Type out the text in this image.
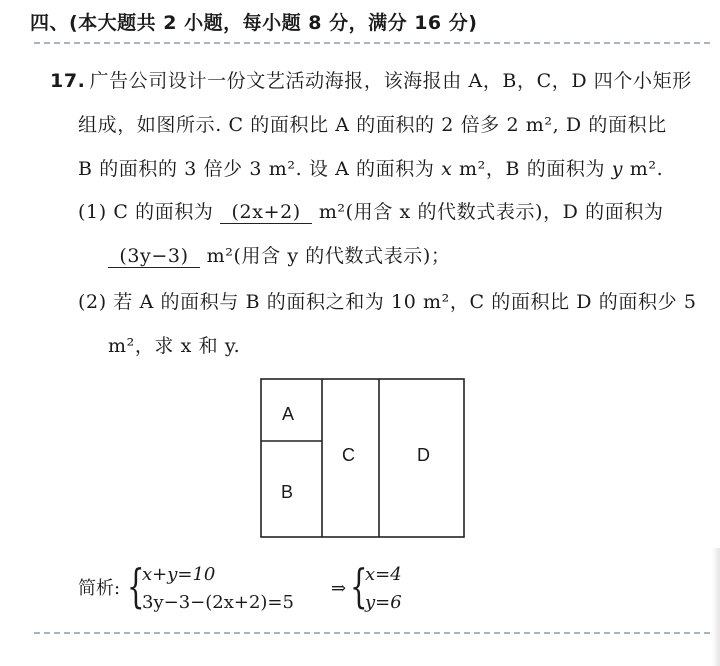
四、(本大题共 2 小题，每小题 8 分，满分 16 分)
17. 广告公司设计一份文艺活动海报，该海报由 A，B，C，D 四个小矩形
组成，如图所示. C 的面积比 A 的面积的 2 倍多 2 m², D 的面积比
B 的面积的 3 倍少 3 m². 设 A 的面积为 x m²，B 的面积为 y m².
(1) C 的面积为 (2x+2) m²(用含 x 的代数式表示)，D 的面积为
(3y−3) m²(用含 y 的代数式表示)；
(2) 若 A 的面积与 B 的面积之和为 10 m²，C 的面积比 D 的面积少 5
m²，求 x 和 y.
A
B
C	D
简析: {
x+y=10
3y−3−(2x+2)=5
⇒ {
x=4
y=6
